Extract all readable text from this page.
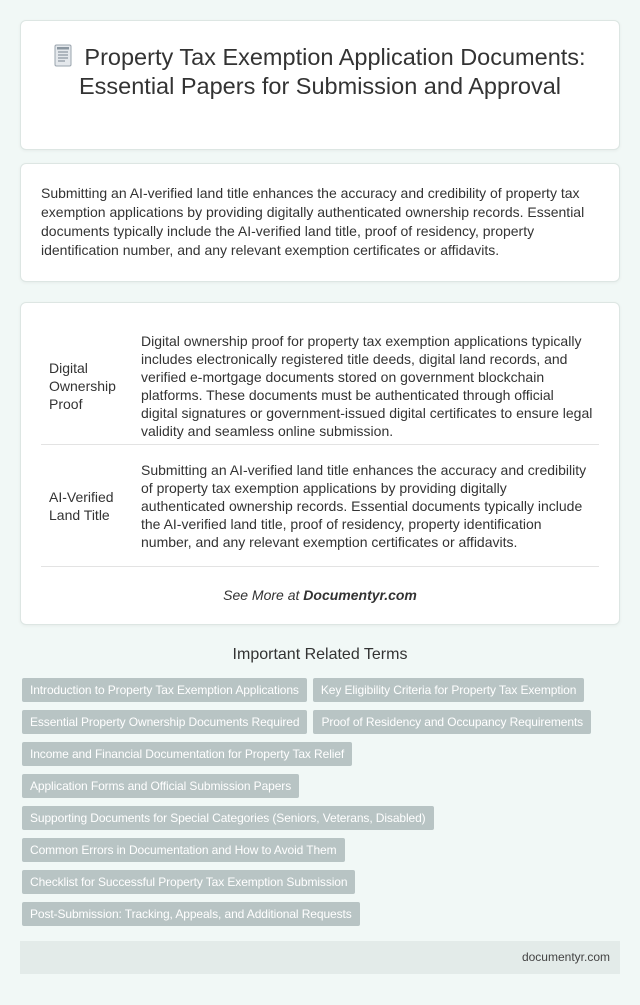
Property Tax Exemption Application Documents: Essential Papers for Submission and Approval

Submitting an AI-verified land title enhances the accuracy and credibility of property tax exemption applications by providing digitally authenticated ownership records. Essential documents typically include the AI-verified land title, proof of residency, property identification number, and any relevant exemption certificates or affidavits.

Digital Ownership Proof	Digital ownership proof for property tax exemption applications typically includes electronically registered title deeds, digital land records, and verified e-mortgage documents stored on government blockchain platforms. These documents must be authenticated through official digital signatures or government-issued digital certificates to ensure legal validity and seamless online submission.
AI-Verified Land Title	Submitting an AI-verified land title enhances the accuracy and credibility of property tax exemption applications by providing digitally authenticated ownership records. Essential documents typically include the AI-verified land title, proof of residency, property identification number, and any relevant exemption certificates or affidavits.

See More at Documentyr.com

Important Related Terms
Introduction to Property Tax Exemption Applications Key Eligibility Criteria for Property Tax Exemption
Essential Property Ownership Documents Required Proof of Residency and Occupancy Requirements
Income and Financial Documentation for Property Tax Relief
Application Forms and Official Submission Papers
Supporting Documents for Special Categories (Seniors, Veterans, Disabled)
Common Errors in Documentation and How to Avoid Them
Checklist for Successful Property Tax Exemption Submission
Post-Submission: Tracking, Appeals, and Additional Requests
documentyr.com
